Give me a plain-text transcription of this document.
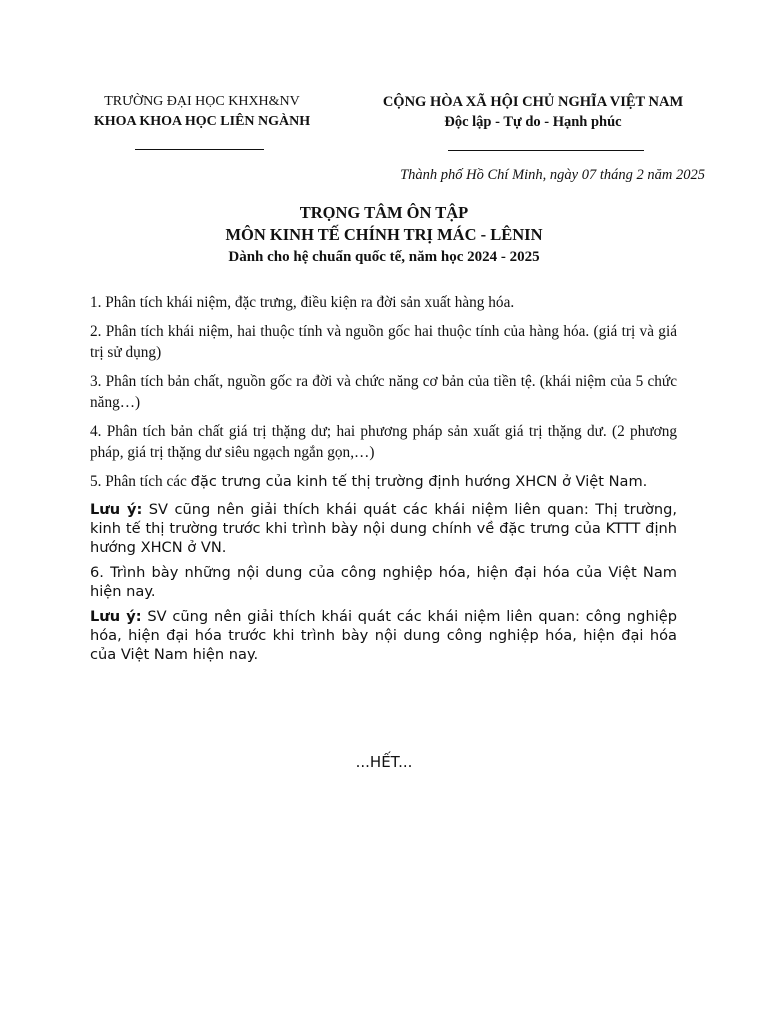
TRƯỜNG ĐẠI HỌC KHXH&NV
KHOA KHOA HỌC LIÊN NGÀNH
CỘNG HÒA XÃ HỘI CHỦ NGHĨA VIỆT NAM
Độc lập - Tự do - Hạnh phúc
Thành phố Hồ Chí Minh, ngày 07 tháng 2 năm 2025
TRỌNG TÂM ÔN TẬP
MÔN KINH TẾ CHÍNH TRỊ MÁC - LÊNIN
Dành cho hệ chuẩn quốc tế, năm học 2024 - 2025

1. Phân tích khái niệm, đặc trưng, điều kiện ra đời sản xuất hàng hóa.

2. Phân tích khái niệm, hai thuộc tính và nguồn gốc hai thuộc tính của hàng hóa. (giá trị và giá trị sử dụng)

3. Phân tích bản chất, nguồn gốc ra đời và chức năng cơ bản của tiền tệ. (khái niệm của 5 chức năng…)

4. Phân tích bản chất giá trị thặng dư; hai phương pháp sản xuất giá trị thặng dư. (2 phương pháp, giá trị thặng dư siêu ngạch ngắn gọn,…)

5. Phân tích các đặc trưng của kinh tế thị trường định hướng XHCN ở Việt Nam.

Lưu ý: SV cũng nên giải thích khái quát các khái niệm liên quan: Thị trường, kinh tế thị trường trước khi trình bày nội dung chính về đặc trưng của KTTT định hướng XHCN ở VN.

6. Trình bày những nội dung của công nghiệp hóa, hiện đại hóa của Việt Nam hiện nay.

Lưu ý: SV cũng nên giải thích khái quát các khái niệm liên quan: công nghiệp hóa, hiện đại hóa trước khi trình bày nội dung công nghiệp hóa, hiện đại hóa của Việt Nam hiện nay.

...HẾT...
